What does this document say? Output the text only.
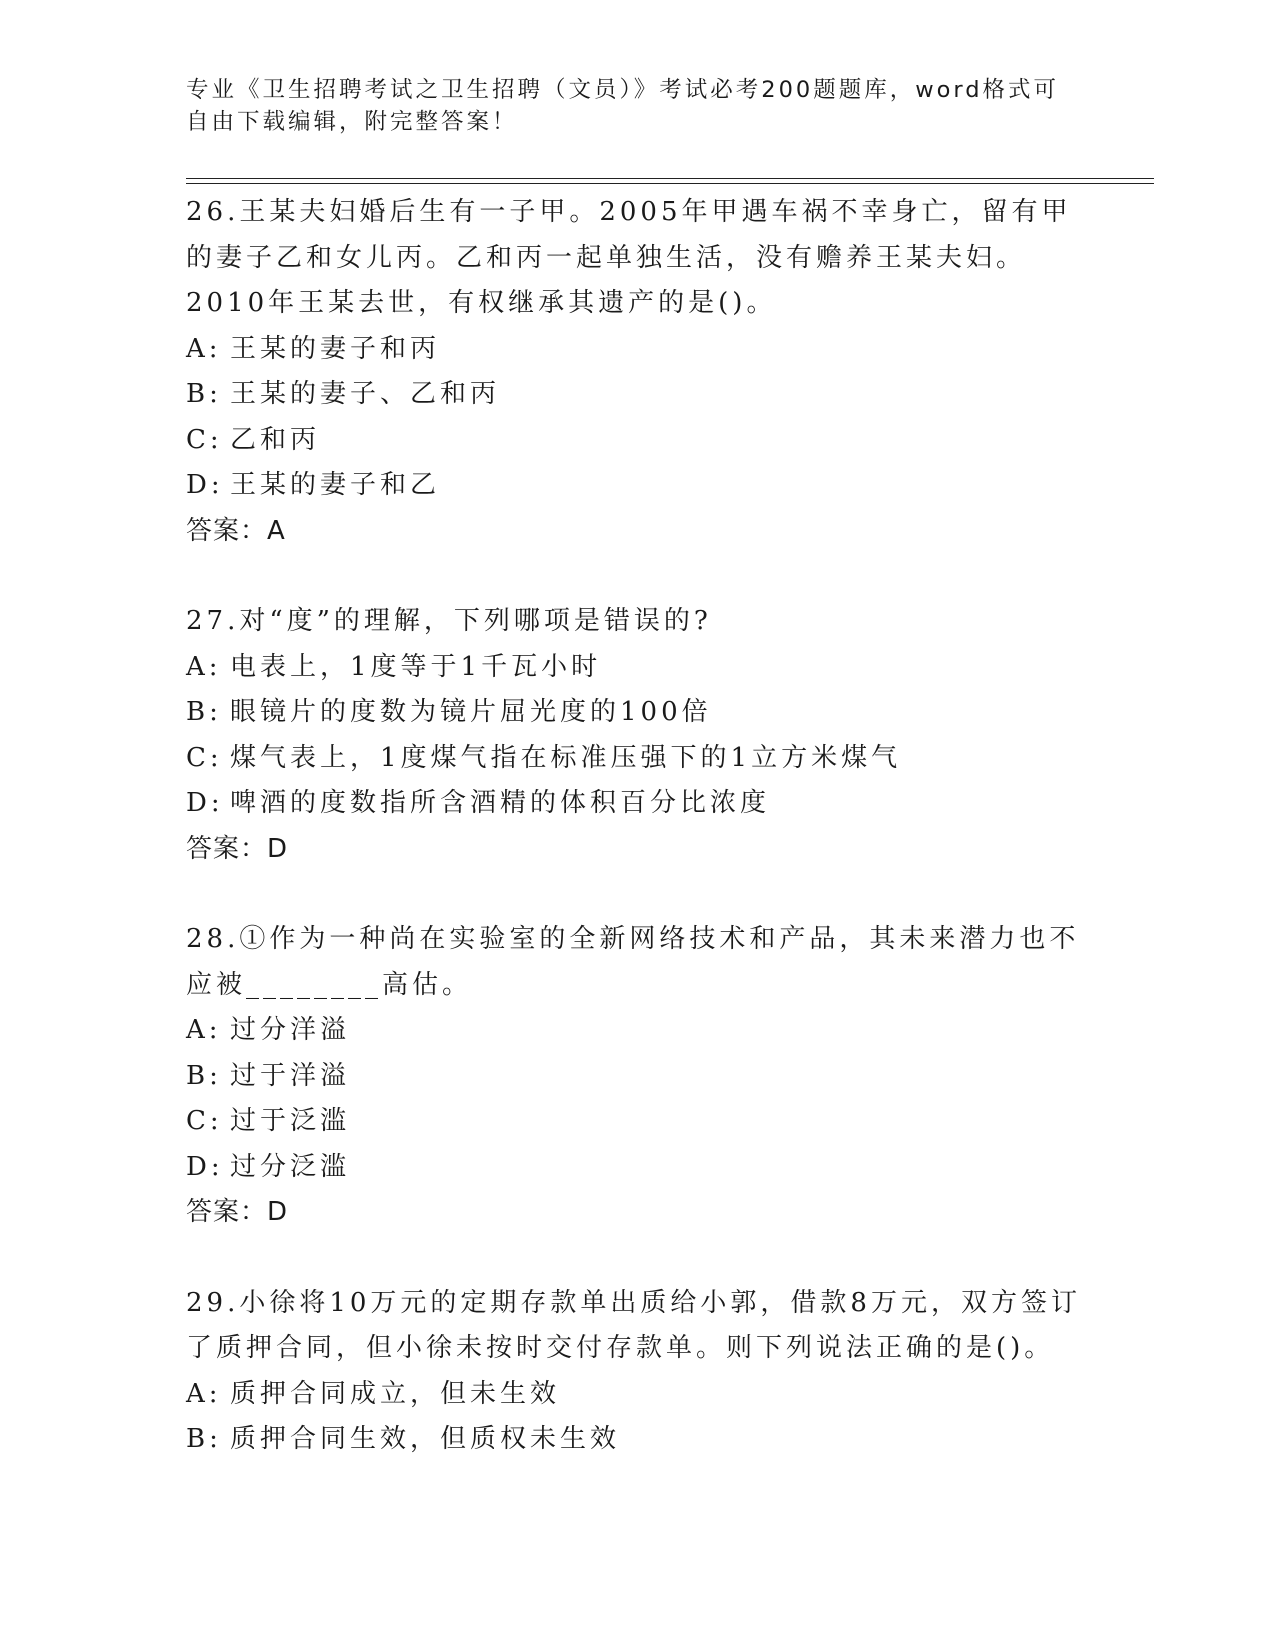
专业《卫生招聘考试之卫生招聘（文员）》考试必考200题题库，word格式可自由下载编辑，附完整答案！
26.王某夫妇婚后生有一子甲。2005年甲遇车祸不幸身亡，留有甲的妻子乙和女儿丙。乙和丙一起单独生活，没有赡养王某夫妇。2010年王某去世，有权继承其遗产的是()。
A: 王某的妻子和丙
B: 王某的妻子、乙和丙
C: 乙和丙
D: 王某的妻子和乙
答案：A
27.对“度”的理解，下列哪项是错误的?
A: 电表上，1度等于1千瓦小时
B: 眼镜片的度数为镜片屈光度的100倍
C: 煤气表上，1度煤气指在标准压强下的1立方米煤气
D: 啤酒的度数指所含酒精的体积百分比浓度
答案：D
28.①作为一种尚在实验室的全新网络技术和产品，其未来潜力也不应被________高估。
A: 过分洋溢
B: 过于洋溢
C: 过于泛滥
D: 过分泛滥
答案：D
29.小徐将10万元的定期存款单出质给小郭，借款8万元，双方签订了质押合同，但小徐未按时交付存款单。则下列说法正确的是()。
A: 质押合同成立，但未生效
B: 质押合同生效，但质权未生效
